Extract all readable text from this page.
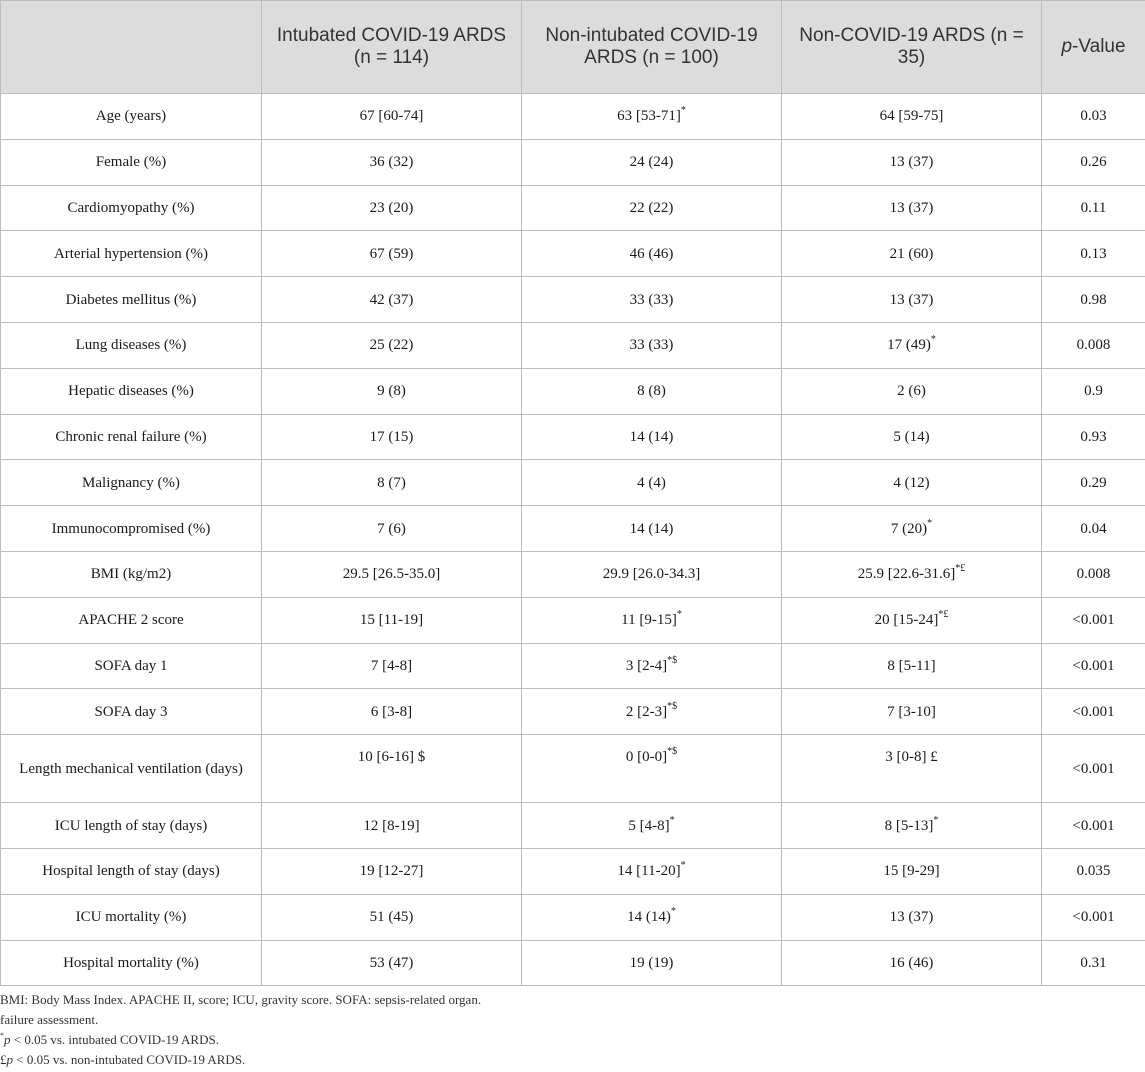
	Intubated COVID-19 ARDS (n = 114)	Non-intubated COVID-19 ARDS (n = 100)	Non-COVID-19 ARDS (n = 35)	p-Value
Age (years)	67 [60-74]	63 [53-71]*	64 [59-75]	0.03
Female (%)	36 (32)	24 (24)	13 (37)	0.26
Cardiomyopathy (%)	23 (20)	22 (22)	13 (37)	0.11
Arterial hypertension (%)	67 (59)	46 (46)	21 (60)	0.13
Diabetes mellitus (%)	42 (37)	33 (33)	13 (37)	0.98
Lung diseases (%)	25 (22)	33 (33)	17 (49)*	0.008
Hepatic diseases (%)	9 (8)	8 (8)	2 (6)	0.9
Chronic renal failure (%)	17 (15)	14 (14)	5 (14)	0.93
Malignancy (%)	8 (7)	4 (4)	4 (12)	0.29
Immunocompromised (%)	7 (6)	14 (14)	7 (20)*	0.04
BMI (kg/m2)	29.5 [26.5-35.0]	29.9 [26.0-34.3]	25.9 [22.6-31.6]*£	0.008
APACHE 2 score	15 [11-19]	11 [9-15]*	20 [15-24]*£	<0.001
SOFA day 1	7 [4-8]	3 [2-4]*$	8 [5-11]	<0.001
SOFA day 3	6 [3-8]	2 [2-3]*$	7 [3-10]	<0.001
Length mechanical ventilation (days)	10 [6-16] $	0 [0-0]*$	3 [0-8] £	<0.001
ICU length of stay (days)	12 [8-19]	5 [4-8]*	8 [5-13]*	<0.001
Hospital length of stay (days)	19 [12-27]	14 [11-20]*	15 [9-29]	0.035
ICU mortality (%)	51 (45)	14 (14)*	13 (37)	<0.001
Hospital mortality (%)	53 (47)	19 (19)	16 (46)	0.31
BMI: Body Mass Index. APACHE II, score; ICU, gravity score. SOFA: sepsis-related organ.
failure assessment.
*p < 0.05 vs. intubated COVID-19 ARDS.
£p < 0.05 vs. non-intubated COVID-19 ARDS.
